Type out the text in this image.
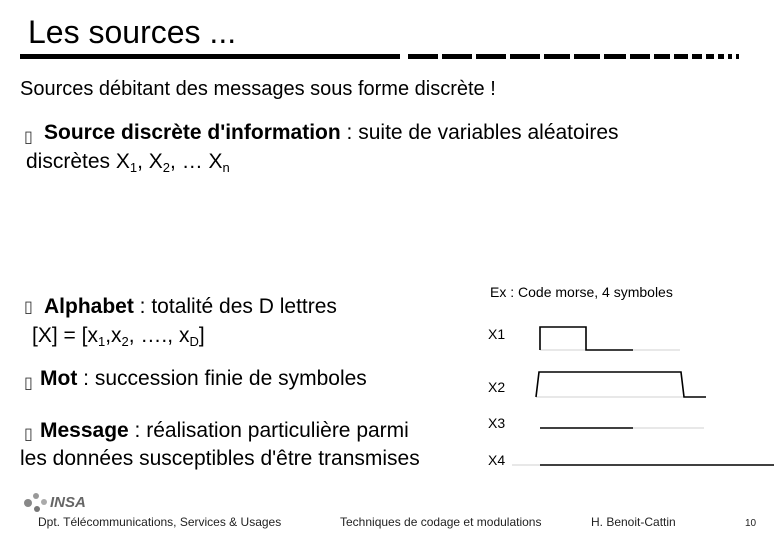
Les sources ...
Sources débitant des messages sous forme discrète !
▯ Source discrète d'information : suite de variables aléatoires
discrètes $X_1$, $X_2$, … $X_n$
▯ Alphabet : totalité des D lettres
$[X] = [x_1,x_2$, …., $x_D$]
▯ Mot : succession finie de symboles
▯ Message : réalisation particulière parmi
les données susceptibles d'être transmises
Ex : Code morse, 4 symboles
X1
X2
X3
X4
INSA
Dpt. Télécommunications, Services & Usages	Techniques de codage et modulations	H. Benoit-Cattin	10
